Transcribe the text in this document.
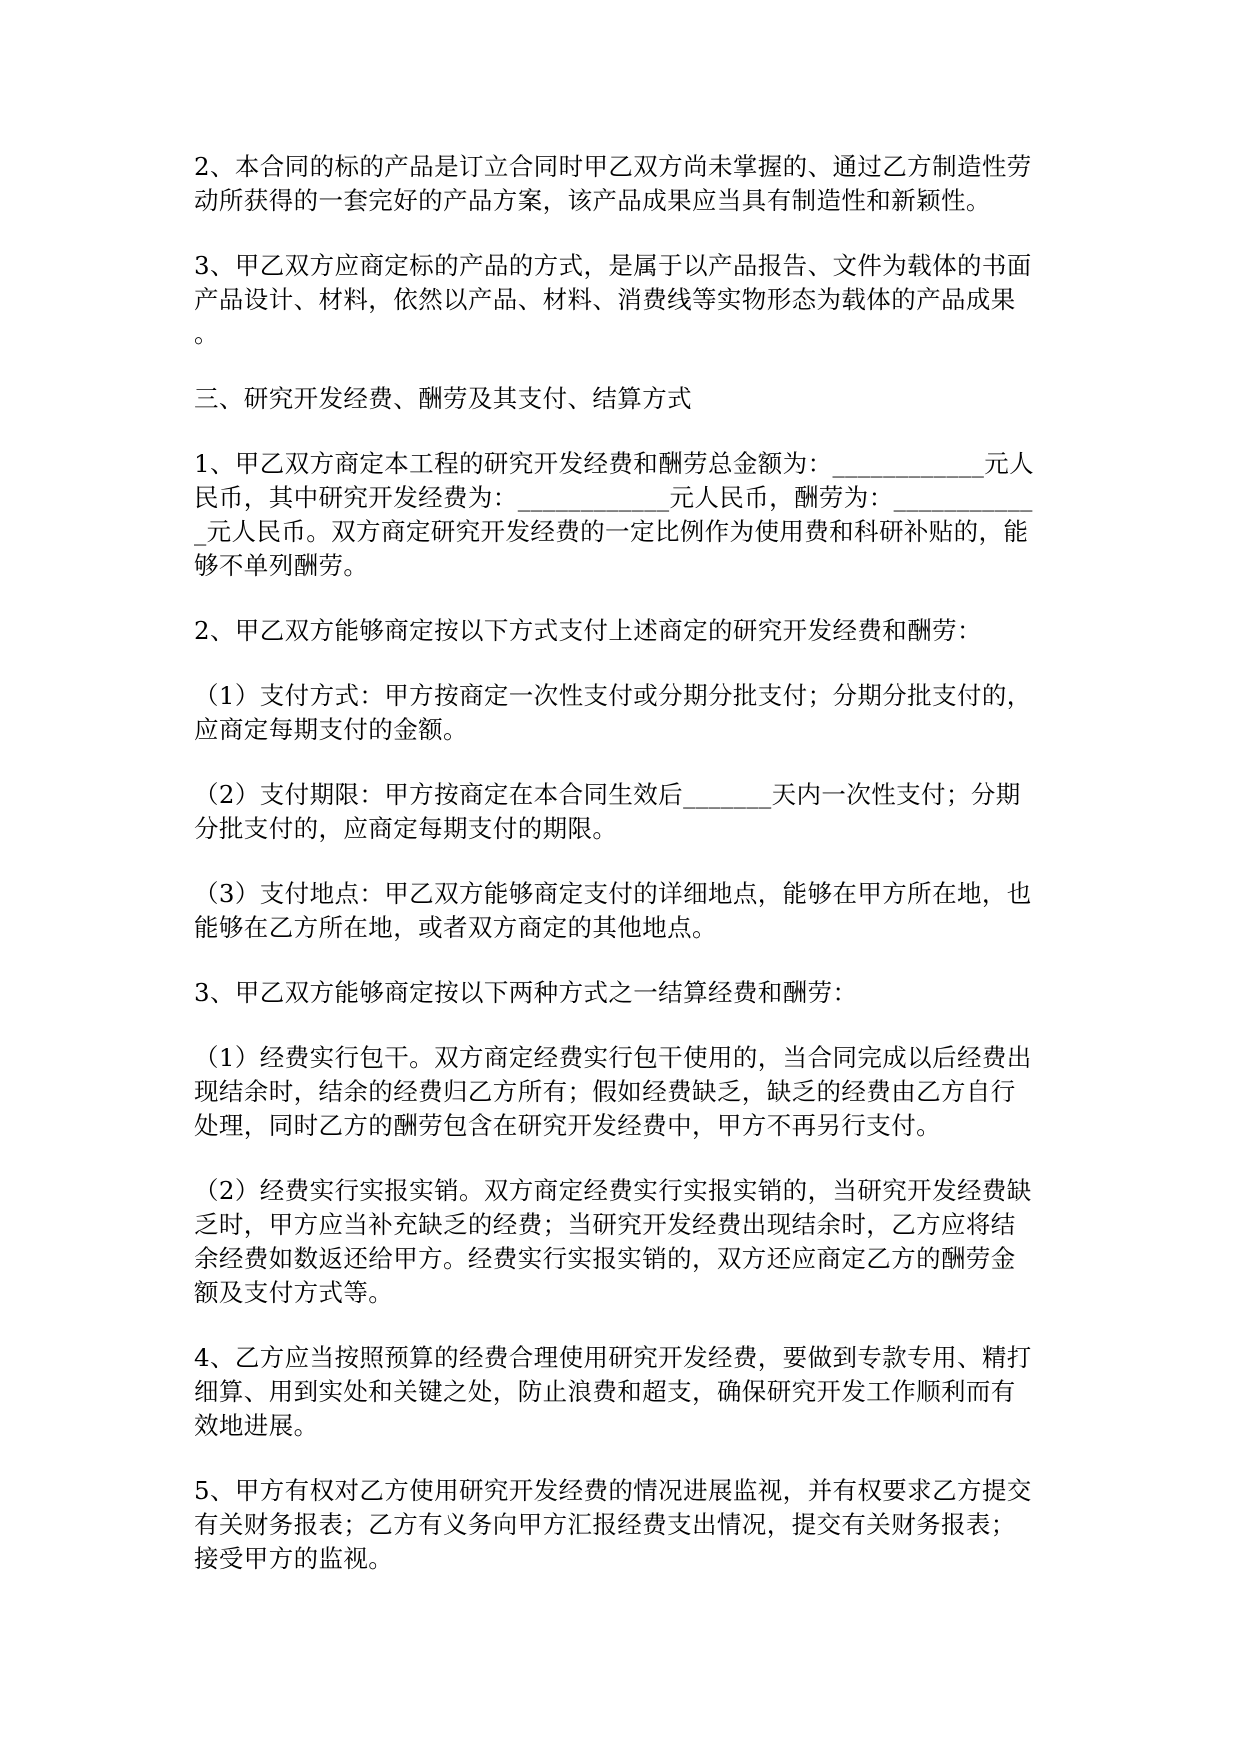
2、本合同的标的产品是订立合同时甲乙双方尚未掌握的、通过乙方制造性劳
动所获得的一套完好的产品方案，该产品成果应当具有制造性和新颖性。

3、甲乙双方应商定标的产品的方式，是属于以产品报告、文件为载体的书面
产品设计、材料，依然以产品、材料、消费线等实物形态为载体的产品成果
。

三、研究开发经费、酬劳及其支付、结算方式

1、甲乙双方商定本工程的研究开发经费和酬劳总金额为：____________元人
民币，其中研究开发经费为：____________元人民币，酬劳为：___________
_元人民币。双方商定研究开发经费的一定比例作为使用费和科研补贴的，能
够不单列酬劳。

2、甲乙双方能够商定按以下方式支付上述商定的研究开发经费和酬劳：

（1）支付方式：甲方按商定一次性支付或分期分批支付；分期分批支付的，
应商定每期支付的金额。

（2）支付期限：甲方按商定在本合同生效后_______天内一次性支付；分期
分批支付的，应商定每期支付的期限。

（3）支付地点：甲乙双方能够商定支付的详细地点，能够在甲方所在地，也
能够在乙方所在地，或者双方商定的其他地点。

3、甲乙双方能够商定按以下两种方式之一结算经费和酬劳：

（1）经费实行包干。双方商定经费实行包干使用的，当合同完成以后经费出
现结余时，结余的经费归乙方所有；假如经费缺乏，缺乏的经费由乙方自行
处理，同时乙方的酬劳包含在研究开发经费中，甲方不再另行支付。

（2）经费实行实报实销。双方商定经费实行实报实销的，当研究开发经费缺
乏时，甲方应当补充缺乏的经费；当研究开发经费出现结余时，乙方应将结
余经费如数返还给甲方。经费实行实报实销的，双方还应商定乙方的酬劳金
额及支付方式等。

4、乙方应当按照预算的经费合理使用研究开发经费，要做到专款专用、精打
细算、用到实处和关键之处，防止浪费和超支，确保研究开发工作顺利而有
效地进展。

5、甲方有权对乙方使用研究开发经费的情况进展监视，并有权要求乙方提交
有关财务报表；乙方有义务向甲方汇报经费支出情况，提交有关财务报表；
接受甲方的监视。
